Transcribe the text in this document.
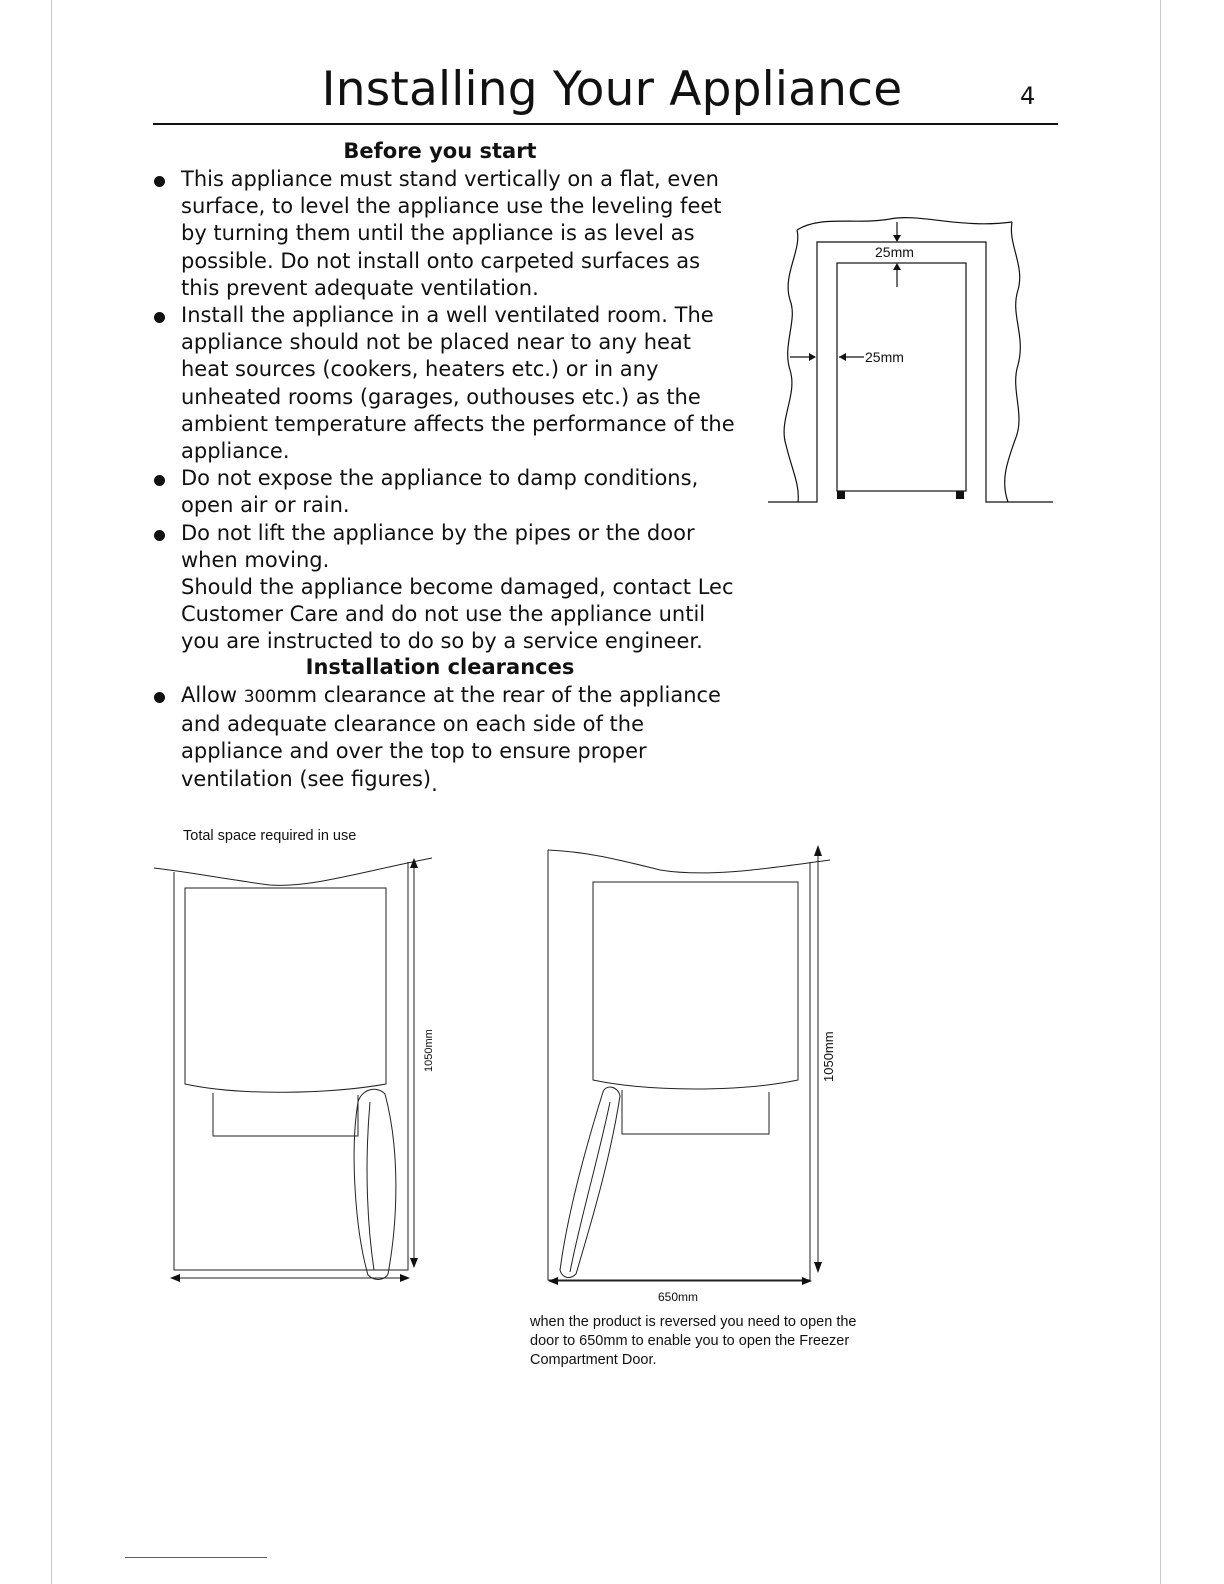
Installing Your Appliance	4
Before you start
This appliance must stand vertically on a flat, even surface, to level the appliance use the leveling feet by turning them until the appliance is as level as possible. Do not install onto carpeted surfaces as this prevent adequate ventilation.
Install the appliance in a well ventilated room. The appliance should not be placed near to any heat heat sources (cookers, heaters etc.) or in any unheated rooms (garages, outhouses etc.) as the ambient temperature affects the performance of the appliance.
Do not expose the appliance to damp conditions, open air or rain.
Do not lift the appliance by the pipes or the door when moving.
Should the appliance become damaged, contact Lec Customer Care and do not use the appliance until you are instructed to do so by a service engineer.
Installation clearances
Allow 300mm clearance at the rear of the appliance and adequate clearance on each side of the appliance and over the top to ensure proper ventilation (see figures).
25mm
25mm
Total space required in use
1050mm	1050mm
650mm
when the product is reversed you need to open the door to 650mm to enable you to open the Freezer Compartment Door.
